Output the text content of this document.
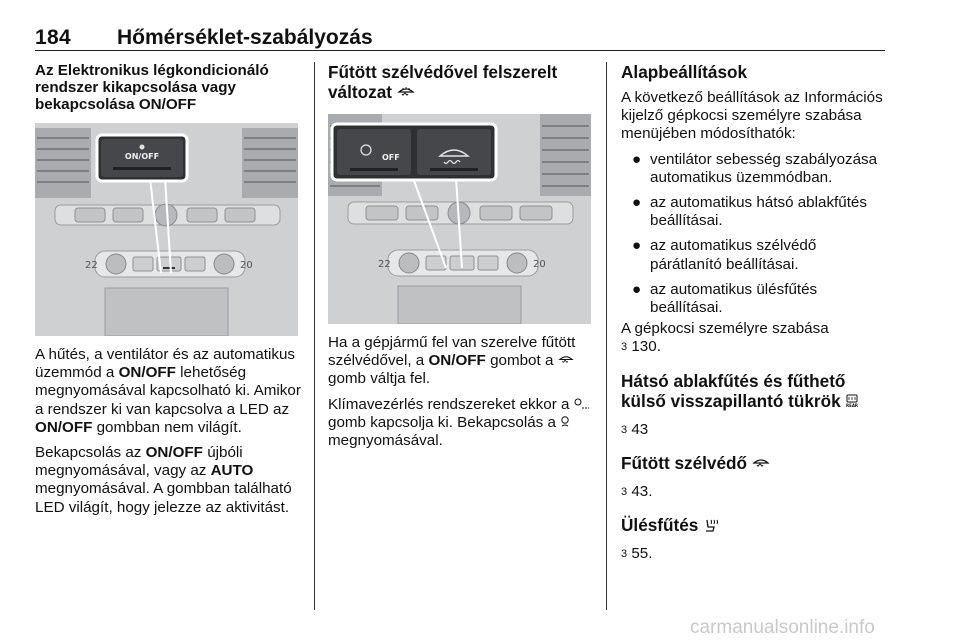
184 Hőmérséklet-szabályozás
Az Elektronikus légkondicionáló rendszer kikapcsolása vagy bekapcsolása ON/OFF
22	20
ON/OFF

A hűtés, a ventilátor és az automatikus üzemmód a ON/OFF lehetőség megnyomásával kapcsolható ki. Amikor a rendszer ki van kapcsolva a LED az ON/OFF gombban nem világít.

Bekapcsolás az ON/OFF újbóli megnyomásával, vagy az AUTO megnyomásával. A gombban található LED világít, hogy jelezze az aktivitást.

Fűtött szélvédővel felszerelt változat
22	20
OFF

Ha a gépjármű fel van szerelve fűtött szélvédővel, a ON/OFF gombot a  gomb váltja fel.

Klímavezérlés rendszereket ekkor a  gomb kapcsolja ki. Bekapcsolás a  megnyomásával.

Alapbeállítások

A következő beállítások az Információs kijelző gépkocsi személyre szabása menüjében módosíthatók:

● ventilátor sebesség szabályozása automatikus üzemmódban.
● az automatikus hátsó ablakfűtés beállításai.
● az automatikus szélvédő párátlanító beállításai.
● az automatikus ülésfűtés beállításai.

A gépkocsi személyre szabása
3 130.

Hátsó ablakfűtés és fűthető külső visszapillantó tükrök REAR

3 43

Fűtött szélvédő

3 43.

Ülésfűtés

3 55.

carmanualsonline.info
